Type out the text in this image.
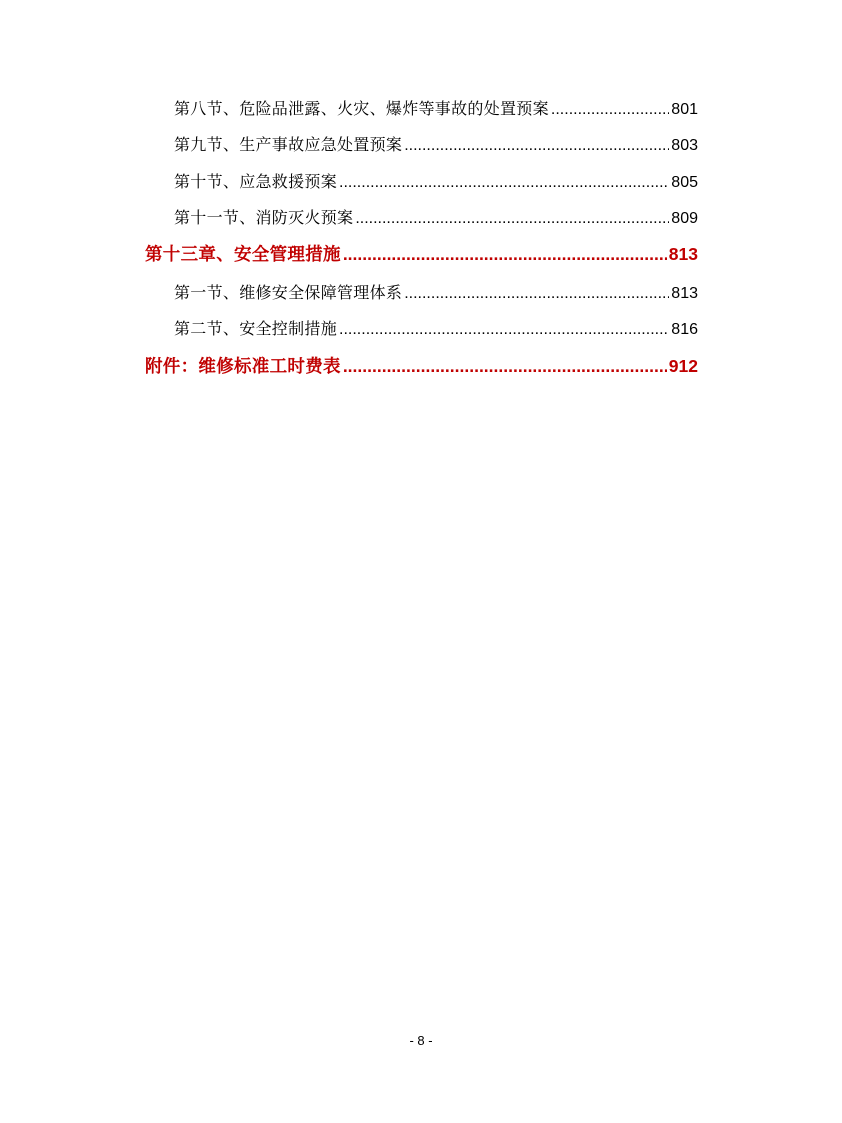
第八节、危险品泄露、火灾、爆炸等事故的处置预案 .....	801
第九节、生产事故应急处置预案 .....	803
第十节、应急救援预案 .....	805
第十一节、消防灭火预案 .....	809
第十三章、安全管理措施 .....	813
第一节、维修安全保障管理体系 .....	813
第二节、安全控制措施 .....	816
附件：维修标准工时费表 .....	912
- 8 -
